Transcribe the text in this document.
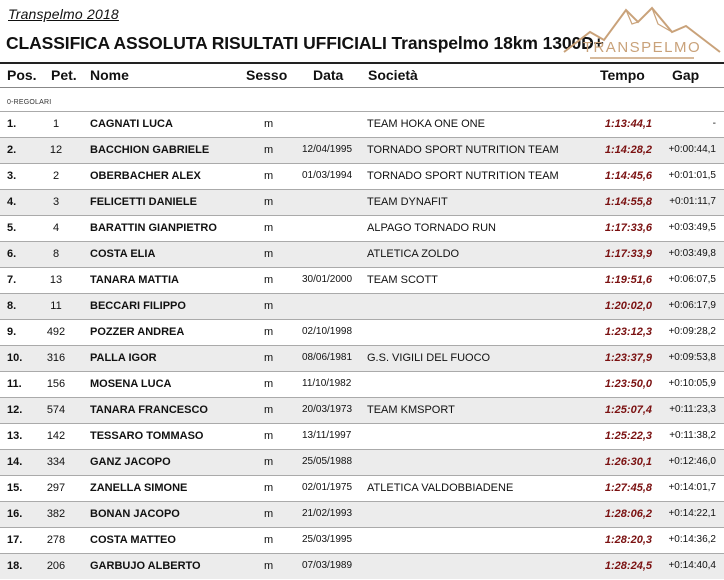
Transpelmo 2018
CLASSIFICA ASSOLUTA RISULTATI UFFICIALI Transpelmo 18km 1300D+
TRANSPELMO
Pos. Pet. Nome	Sesso Data Società	Tempo Gap
0-REGOLARI
1.	1	CAGNATI LUCA	m	TEAM HOKA ONE ONE	1:13:44,1	-
2.	12	BACCHION GABRIELE	m	12/04/1995 TORNADO SPORT NUTRITION TEAM	1:14:28,2	+0:00:44,1
3.	2	OBERBACHER ALEX	m	01/03/1994 TORNADO SPORT NUTRITION TEAM	1:14:45,6	+0:01:01,5
4.	3	FELICETTI DANIELE	m	TEAM DYNAFIT	1:14:55,8	+0:01:11,7
5.	4	BARATTIN GIANPIETRO	m	ALPAGO TORNADO RUN	1:17:33,6	+0:03:49,5
6.	8	COSTA ELIA	m	ATLETICA ZOLDO	1:17:33,9	+0:03:49,8
7.	13	TANARA MATTIA	m	30/01/2000 TEAM SCOTT	1:19:51,6	+0:06:07,5
8.	11	BECCARI FILIPPO	m	1:20:02,0	+0:06:17,9
9.	492	POZZER ANDREA	m	02/10/1998	1:23:12,3	+0:09:28,2
10.	316	PALLA IGOR	m	08/06/1981 G.S. VIGILI DEL FUOCO	1:23:37,9	+0:09:53,8
11.	156	MOSENA LUCA	m	11/10/1982	1:23:50,0	+0:10:05,9
12.	574	TANARA FRANCESCO	m	20/03/1973 TEAM KMSPORT	1:25:07,4	+0:11:23,3
13.	142	TESSARO TOMMASO	m	13/11/1997	1:25:22,3	+0:11:38,2
14.	334	GANZ JACOPO	m	25/05/1988	1:26:30,1	+0:12:46,0
15.	297	ZANELLA SIMONE	m	02/01/1975 ATLETICA VALDOBBIADENE	1:27:45,8	+0:14:01,7
16.	382	BONAN JACOPO	m	21/02/1993	1:28:06,2	+0:14:22,1
17.	278	COSTA MATTEO	m	25/03/1995	1:28:20,3	+0:14:36,2
18.	206	GARBUJO ALBERTO	m	07/03/1989	1:28:24,5	+0:14:40,4
